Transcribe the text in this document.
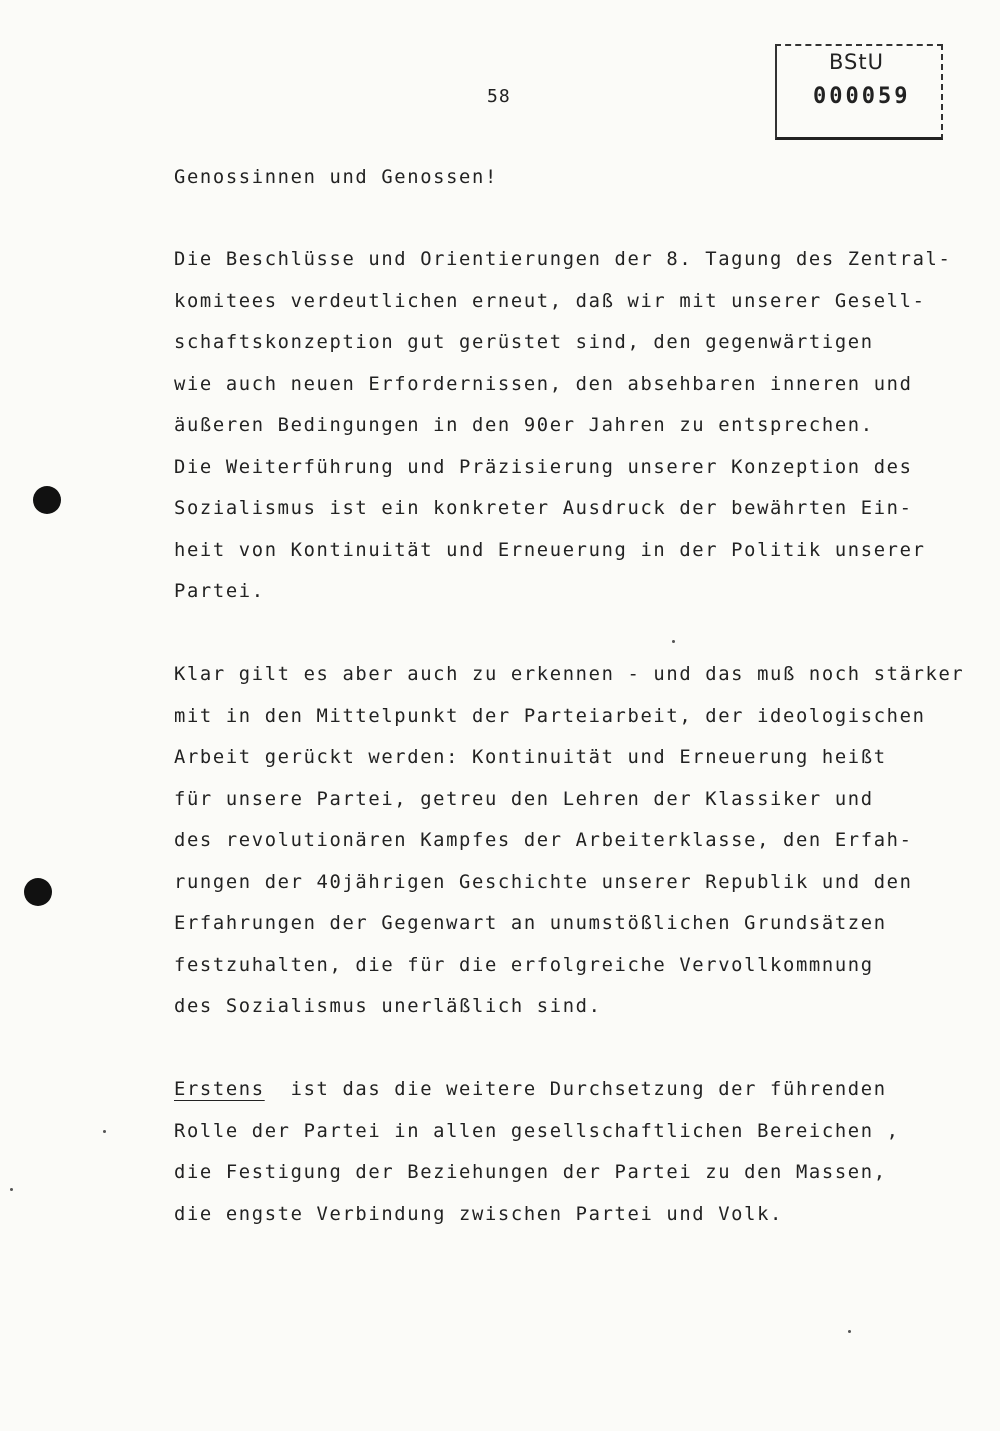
58
BStU
000059
Genossinnen und Genossen!
Die Beschlüsse und Orientierungen der 8. Tagung des Zentral-
komitees verdeutlichen erneut, daß wir mit unserer Gesell-
schaftskonzeption gut gerüstet sind, den gegenwärtigen
wie auch neuen Erfordernissen, den absehbaren inneren und
äußeren Bedingungen in den 90er Jahren zu entsprechen.
Die Weiterführung und Präzisierung unserer Konzeption des
Sozialismus ist ein konkreter Ausdruck der bewährten Ein-
heit von Kontinuität und Erneuerung in der Politik unserer
Partei.
Klar gilt es aber auch zu erkennen - und das muß noch stärker
mit in den Mittelpunkt der Parteiarbeit, der ideologischen
Arbeit gerückt werden: Kontinuität und Erneuerung heißt
für unsere Partei, getreu den Lehren der Klassiker und
des revolutionären Kampfes der Arbeiterklasse, den Erfah-
rungen der 40jährigen Geschichte unserer Republik und den
Erfahrungen der Gegenwart an unumstößlichen Grundsätzen
festzuhalten, die für die erfolgreiche Vervollkommnung
des Sozialismus unerläßlich sind.
Erstens  ist das die weitere Durchsetzung der führenden
Rolle der Partei in allen gesellschaftlichen Bereichen ,
die Festigung der Beziehungen der Partei zu den Massen,
die engste Verbindung zwischen Partei und Volk.
